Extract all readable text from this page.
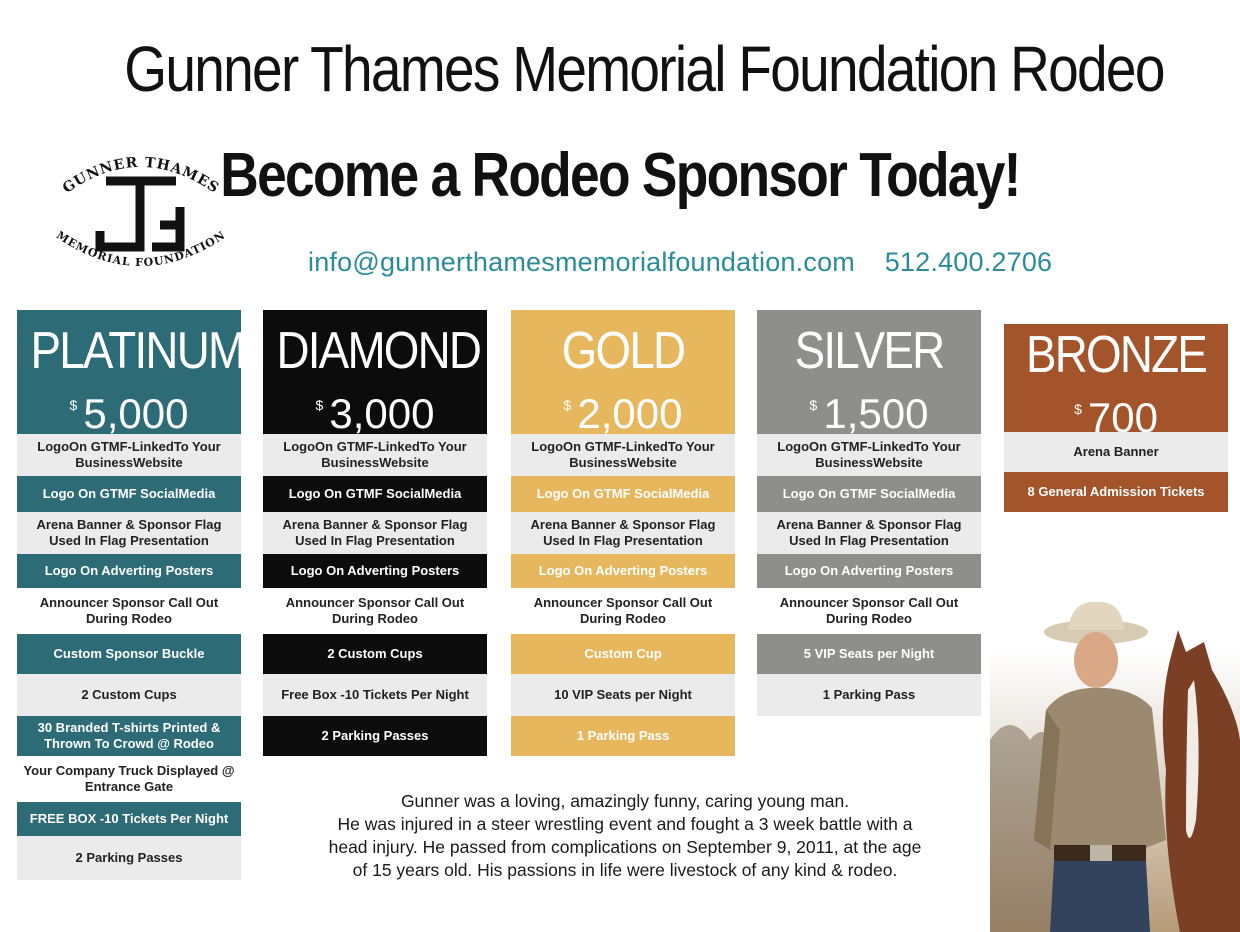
Gunner Thames Memorial Foundation Rodeo
Become a Rodeo Sponsor Today!
info@gunnerthamesmemorialfoundation.com 512.400.2706
GUNNER THAMES
MEMORIAL FOUNDATION
PLATINUM
$ 5,000
LogoOn GTMF-LinkedTo Your BusinessWebsite
Logo On GTMF SocialMedia
Arena Banner & Sponsor Flag Used In Flag Presentation
Logo On Adverting Posters
Announcer Sponsor Call Out During Rodeo
Custom Sponsor Buckle
2 Custom Cups
30 Branded T-shirts Printed & Thrown To Crowd @ Rodeo
Your Company Truck Displayed @ Entrance Gate
FREE BOX -10 Tickets Per Night
2 Parking Passes
DIAMOND
$ 3,000
LogoOn GTMF-LinkedTo Your BusinessWebsite
Logo On GTMF SocialMedia
Arena Banner & Sponsor Flag Used In Flag Presentation
Logo On Adverting Posters
Announcer Sponsor Call Out During Rodeo
2 Custom Cups
Free Box -10 Tickets Per Night
2 Parking Passes
GOLD
$ 2,000
LogoOn GTMF-LinkedTo Your BusinessWebsite
Logo On GTMF SocialMedia
Arena Banner & Sponsor Flag Used In Flag Presentation
Logo On Adverting Posters
Announcer Sponsor Call Out During Rodeo
Custom Cup
10 VIP Seats per Night
1 Parking Pass
SILVER
$ 1,500
LogoOn GTMF-LinkedTo Your BusinessWebsite
Logo On GTMF SocialMedia
Arena Banner & Sponsor Flag Used In Flag Presentation
Logo On Adverting Posters
Announcer Sponsor Call Out During Rodeo
5 VIP Seats per Night
1 Parking Pass
BRONZE
$ 700
Arena Banner
8 General Admission Tickets
Gunner was a loving, amazingly funny, caring young man.
He was injured in a steer wrestling event and fought a 3 week battle with a
head injury. He passed from complications on September 9, 2011, at the age
of 15 years old. His passions in life were livestock of any kind & rodeo.
